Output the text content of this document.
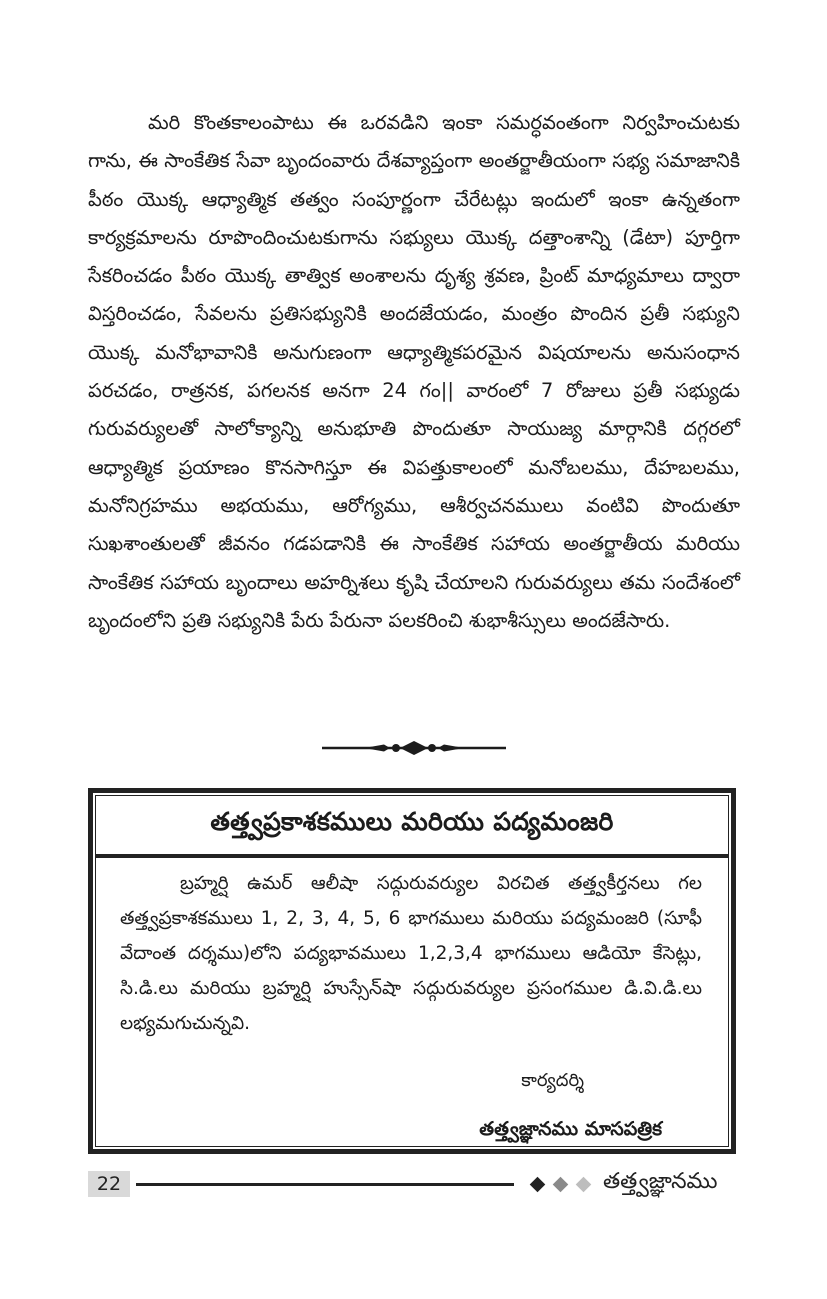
మరి కొంతకాలంపాటు ఈ ఒరవడిని ఇంకా సమర్ధవంతంగా నిర్వహించుటకు గాను, ఈ సాంకేతిక సేవా బృందంవారు దేశవ్యాప్తంగా అంతర్జాతీయంగా సభ్య సమాజానికి పీఠం యొక్క ఆధ్యాత్మిక తత్వం సంపూర్ణంగా చేరేటట్లు ఇందులో ఇంకా ఉన్నతంగా కార్యక్రమాలను రూపొందించుటకుగాను సభ్యులు యొక్క దత్తాంశాన్ని (డేటా) పూర్తిగా సేకరించడం పీఠం యొక్క తాత్విక అంశాలను దృశ్య శ్రవణ, ప్రింట్ మాధ్యమాలు ద్వారా విస్తరించడం, సేవలను ప్రతిసభ్యునికి అందజేయడం, మంత్రం పొందిన ప్రతీ సభ్యుని యొక్క మనోభావానికి అనుగుణంగా ఆధ్యాత్మికపరమైన విషయాలను అనుసంధాన పరచడం, రాత్రనక, పగలనక అనగా 24 గం|| వారంలో 7 రోజులు ప్రతీ సభ్యుడు గురువర్యులతో సాలోక్యాన్ని అనుభూతి పొందుతూ సాయుజ్య మార్గానికి దగ్గరలో ఆధ్యాత్మిక ప్రయాణం కొనసాగిస్తూ ఈ విపత్తుకాలంలో మనోబలము, దేహబలము, మనోనిగ్రహము అభయము, ఆరోగ్యము, ఆశీర్వచనములు వంటివి పొందుతూ సుఖశాంతులతో జీవనం గడపడానికి ఈ సాంకేతిక సహాయ అంతర్జాతీయ మరియు సాంకేతిక సహాయ బృందాలు అహర్నిశలు కృషి చేయాలని గురువర్యులు తమ సందేశంలో బృందంలోని ప్రతి సభ్యునికి పేరు పేరునా పలకరించి శుభాశీస్సులు అందజేసారు.

తత్త్వప్రకాశకములు మరియు పద్యమంజరి

బ్రహ్మర్షి ఉమర్ ఆలీషా సద్గురువర్యుల విరచిత తత్త్వకీర్తనలు గల తత్త్వప్రకాశకములు 1, 2, 3, 4, 5, 6 భాగములు మరియు పద్యమంజరి (సూఫీ వేదాంత దర్శము)లోని పద్యభావములు 1,2,3,4 భాగములు ఆడియో కేసెట్లు, సి.డి.లు మరియు బ్రహ్మర్షి హుస్సేన్‌షా సద్గురువర్యుల ప్రసంగముల డి.వి.డి.లు లభ్యమగుచున్నవి.

కార్యదర్శి
తత్త్వజ్ఞానము మాసపత్రిక
22	తత్త్వజ్ఞానము
